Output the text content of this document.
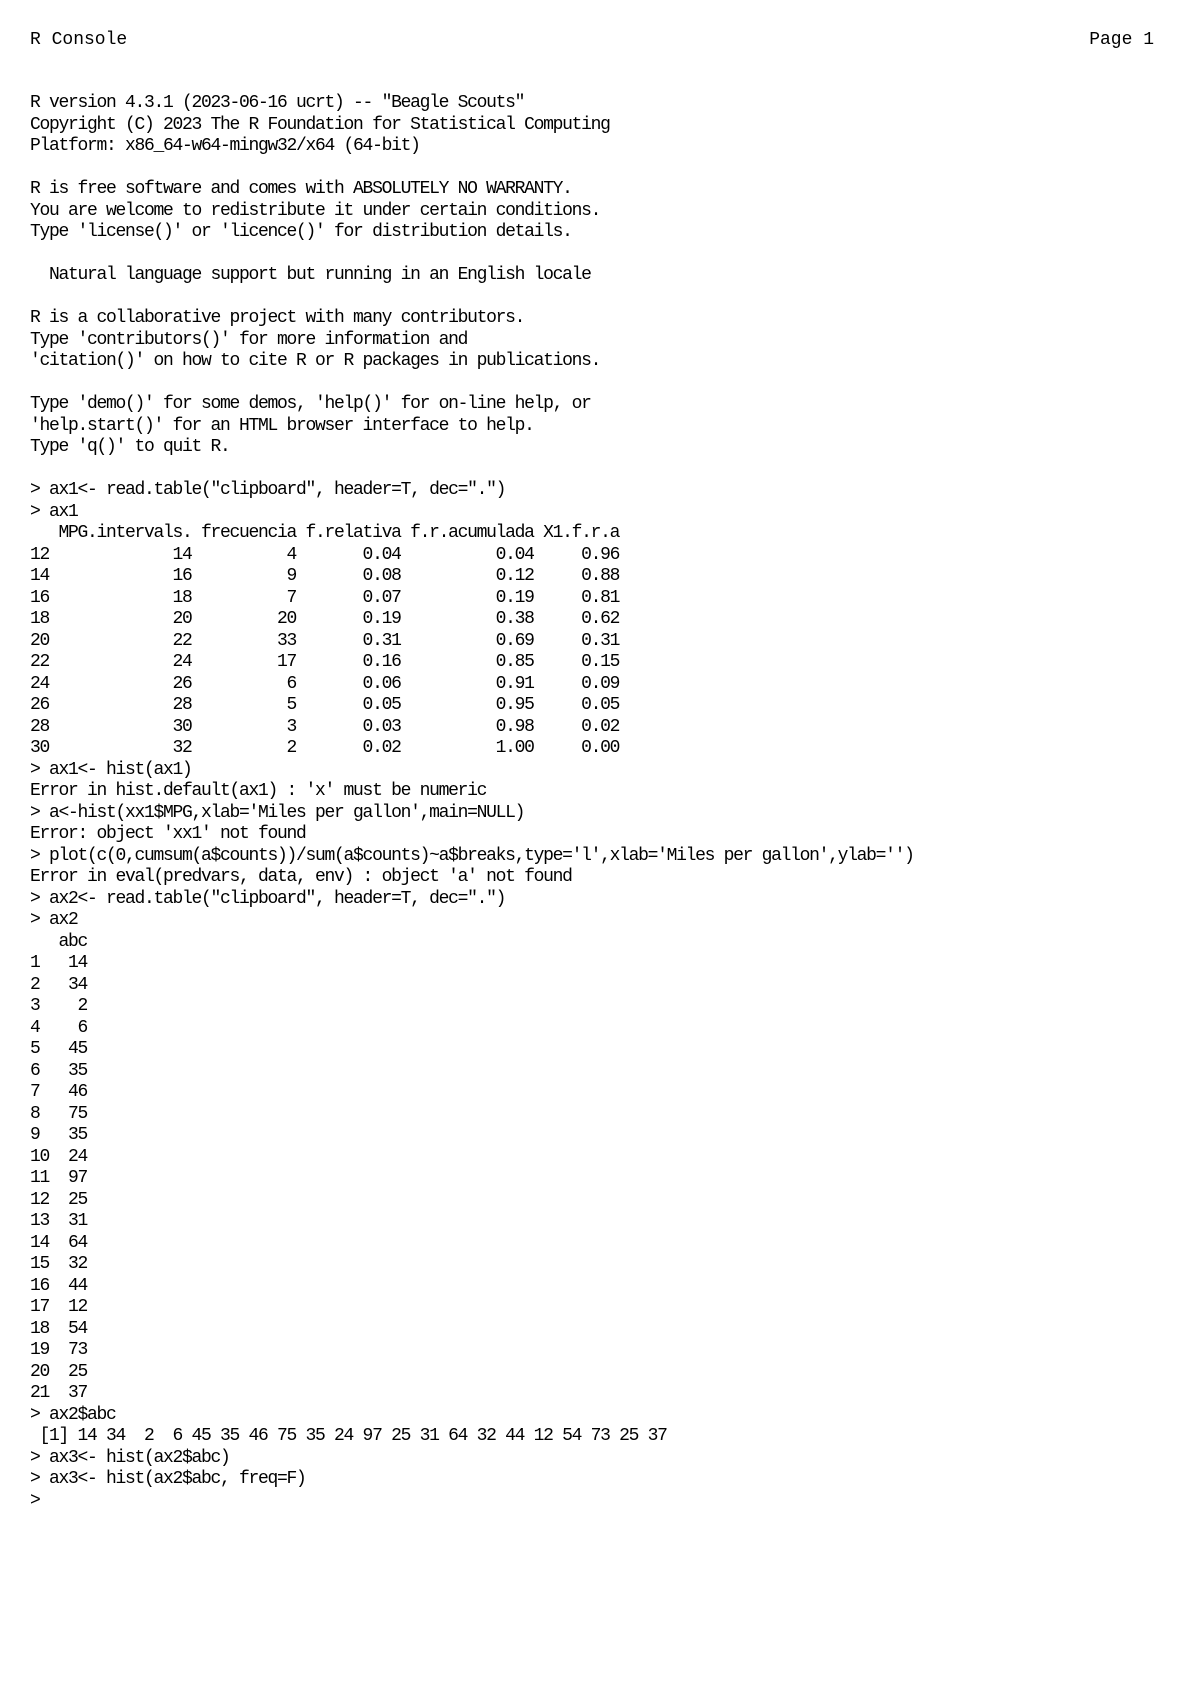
R Console	Page 1
R version 4.3.1 (2023-06-16 ucrt) -- "Beagle Scouts"
Copyright (C) 2023 The R Foundation for Statistical Computing
Platform: x86_64-w64-mingw32/x64 (64-bit)
R is free software and comes with ABSOLUTELY NO WARRANTY.
You are welcome to redistribute it under certain conditions.
Type 'license()' or 'licence()' for distribution details.
Natural language support but running in an English locale
R is a collaborative project with many contributors.
Type 'contributors()' for more information and
'citation()' on how to cite R or R packages in publications.
Type 'demo()' for some demos, 'help()' for on-line help, or
'help.start()' for an HTML browser interface to help.
Type 'q()' to quit R.
> ax1<- read.table("clipboard", header=T, dec=".")
> ax1
MPG.intervals. frecuencia f.relativa f.r.acumulada X1.f.r.a
12             14          4       0.04          0.04     0.96
14             16          9       0.08          0.12     0.88
16             18          7       0.07          0.19     0.81
18             20         20       0.19          0.38     0.62
20             22         33       0.31          0.69     0.31
22             24         17       0.16          0.85     0.15
24             26          6       0.06          0.91     0.09
26             28          5       0.05          0.95     0.05
28             30          3       0.03          0.98     0.02
30             32          2       0.02          1.00     0.00
> ax1<- hist(ax1)
Error in hist.default(ax1) : 'x' must be numeric
> a<-hist(xx1$MPG,xlab='Miles per gallon',main=NULL)
Error: object 'xx1' not found
> plot(c(0,cumsum(a$counts))/sum(a$counts)~a$breaks,type='l',xlab='Miles per gallon',ylab='')
Error in eval(predvars, data, env) : object 'a' not found
> ax2<- read.table("clipboard", header=T, dec=".")
> ax2
abc
1   14
2   34
3    2
4    6
5   45
6   35
7   46
8   75
9   35
10  24
11  97
12  25
13  31
14  64
15  32
16  44
17  12
18  54
19  73
20  25
21  37
> ax2$abc
[1] 14 34  2  6 45 35 46 75 35 24 97 25 31 64 32 44 12 54 73 25 37
> ax3<- hist(ax2$abc)
> ax3<- hist(ax2$abc, freq=F)
>
